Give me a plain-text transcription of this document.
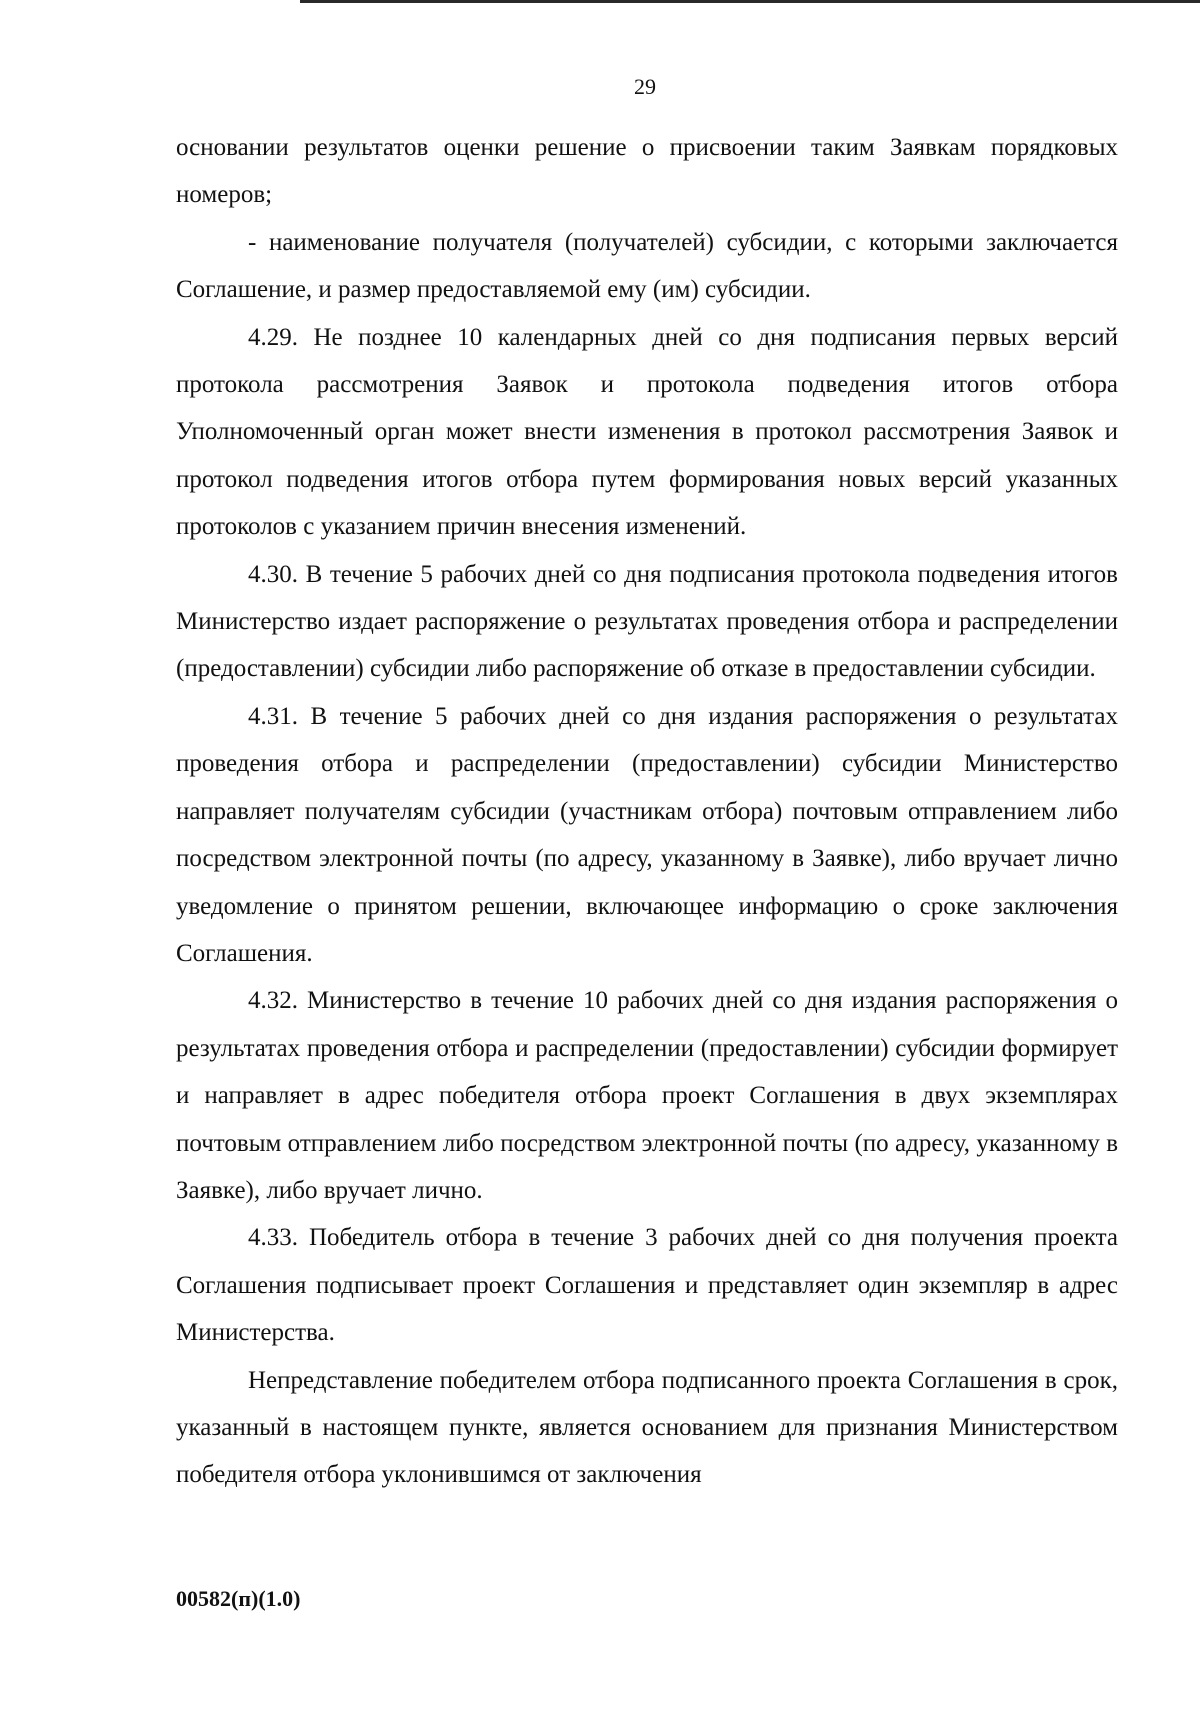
29

основании результатов оценки решение о присвоении таким Заявкам порядковых номеров;

- наименование получателя (получателей) субсидии, с которыми заключается Соглашение, и размер предоставляемой ему (им) субсидии.

4.29. Не позднее 10 календарных дней со дня подписания первых версий протокола рассмотрения Заявок и протокола подведения итогов отбора Уполномоченный орган может внести изменения в протокол рассмотрения Заявок и протокол подведения итогов отбора путем формирования новых версий указанных протоколов с указанием причин внесения изменений.

4.30. В течение 5 рабочих дней со дня подписания протокола подведения итогов Министерство издает распоряжение о результатах проведения отбора и распределении (предоставлении) субсидии либо распоряжение об отказе в предоставлении субсидии.

4.31. В течение 5 рабочих дней со дня издания распоряжения о результатах проведения отбора и распределении (предоставлении) субсидии Министерство направляет получателям субсидии (участникам отбора) почтовым отправлением либо посредством электронной почты (по адресу, указанному в Заявке), либо вручает лично уведомление о принятом решении, включающее информацию о сроке заключения Соглашения.

4.32. Министерство в течение 10 рабочих дней со дня издания распоряжения о результатах проведения отбора и распределении (предоставлении) субсидии формирует и направляет в адрес победителя отбора проект Соглашения в двух экземплярах почтовым отправлением либо посредством электронной почты (по адресу, указанному в Заявке), либо вручает лично.

4.33. Победитель отбора в течение 3 рабочих дней со дня получения проекта Соглашения подписывает проект Соглашения и представляет один экземпляр в адрес Министерства.

Непредставление победителем отбора подписанного проекта Соглашения в срок, указанный в настоящем пункте, является основанием для признания Министерством победителя отбора уклонившимся от заключения

00582(п)(1.0)
